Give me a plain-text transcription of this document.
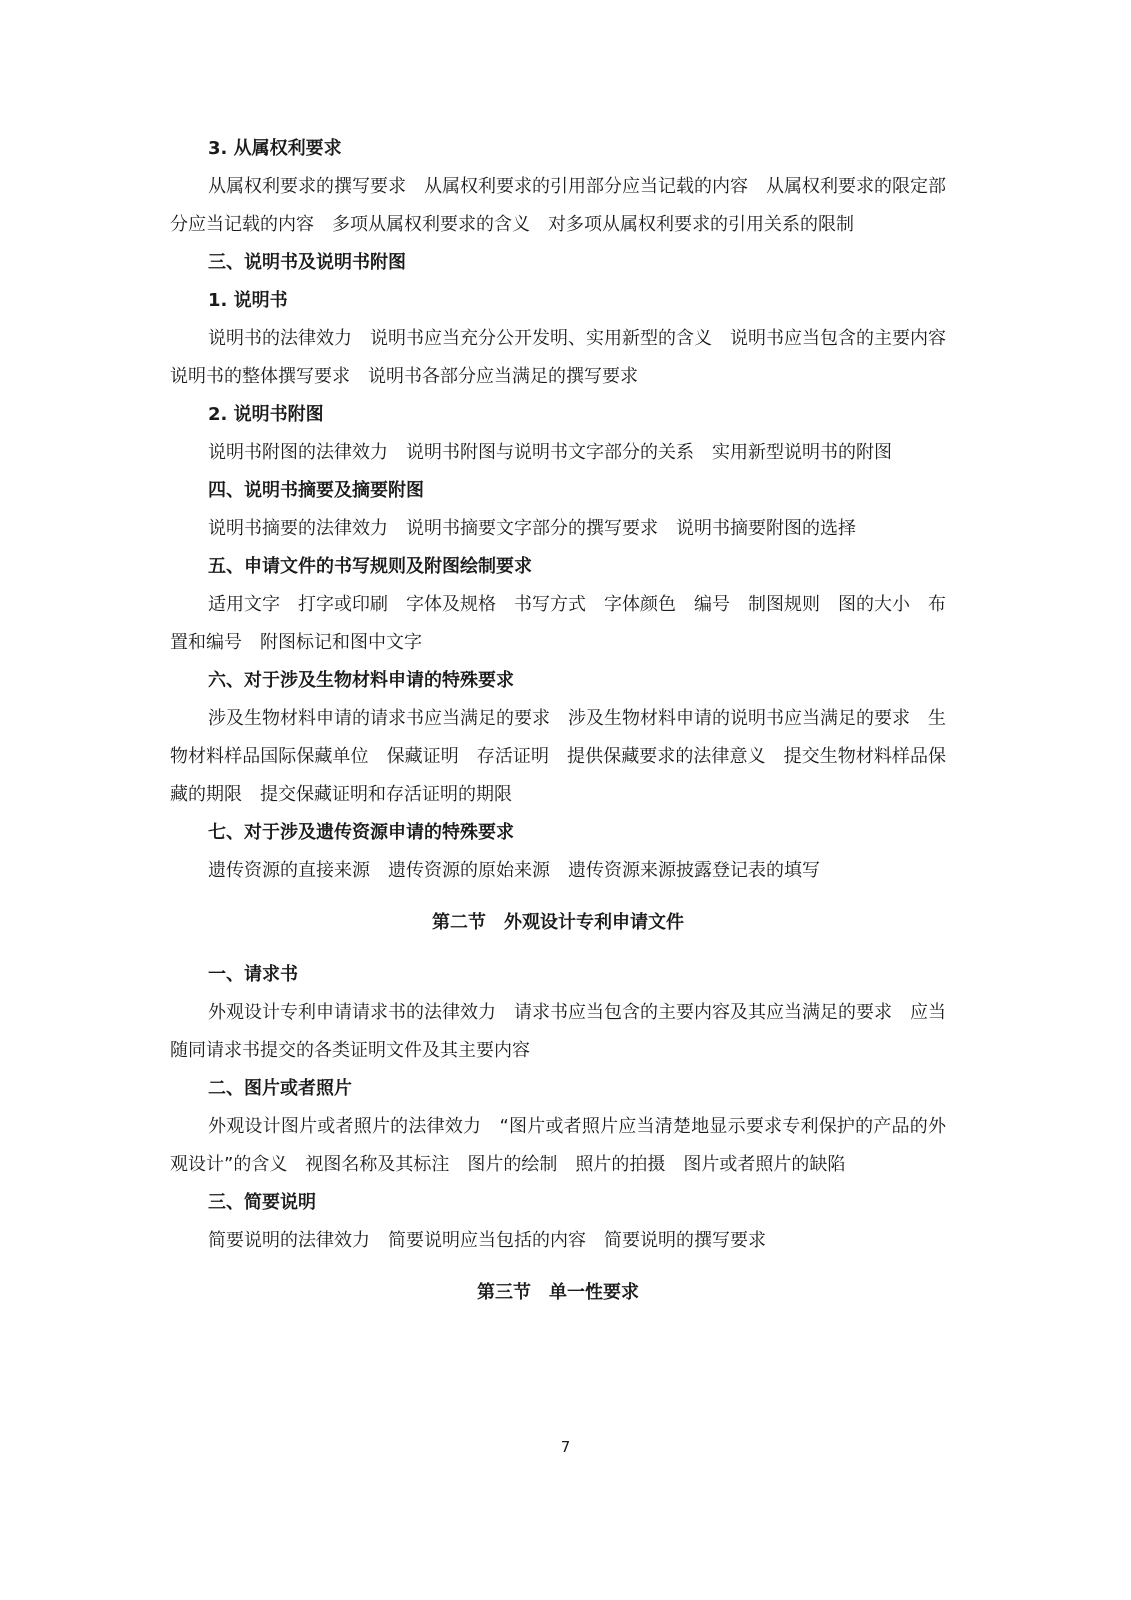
3. 从属权利要求

从属权利要求的撰写要求　从属权利要求的引用部分应当记载的内容　从属权利要求的限定部分应当记载的内容　多项从属权利要求的含义　对多项从属权利要求的引用关系的限制

三、说明书及说明书附图
1. 说明书

说明书的法律效力　说明书应当充分公开发明、实用新型的含义　说明书应当包含的主要内容　说明书的整体撰写要求　说明书各部分应当满足的撰写要求

2. 说明书附图

说明书附图的法律效力　说明书附图与说明书文字部分的关系　实用新型说明书的附图

四、说明书摘要及摘要附图

说明书摘要的法律效力　说明书摘要文字部分的撰写要求　说明书摘要附图的选择

五、申请文件的书写规则及附图绘制要求

适用文字　打字或印刷　字体及规格　书写方式　字体颜色　编号　制图规则　图的大小　布置和编号　附图标记和图中文字

六、对于涉及生物材料申请的特殊要求

涉及生物材料申请的请求书应当满足的要求　涉及生物材料申请的说明书应当满足的要求　生物材料样品国际保藏单位　保藏证明　存活证明　提供保藏要求的法律意义　提交生物材料样品保藏的期限　提交保藏证明和存活证明的期限

七、对于涉及遗传资源申请的特殊要求

遗传资源的直接来源　遗传资源的原始来源　遗传资源来源披露登记表的填写

第二节　外观设计专利申请文件
一、请求书

外观设计专利申请请求书的法律效力　请求书应当包含的主要内容及其应当满足的要求　应当随同请求书提交的各类证明文件及其主要内容

二、图片或者照片

外观设计图片或者照片的法律效力　“图片或者照片应当清楚地显示要求专利保护的产品的外观设计”的含义　视图名称及其标注　图片的绘制　照片的拍摄　图片或者照片的缺陷

三、简要说明

简要说明的法律效力　简要说明应当包括的内容　简要说明的撰写要求

第三节　单一性要求
7
